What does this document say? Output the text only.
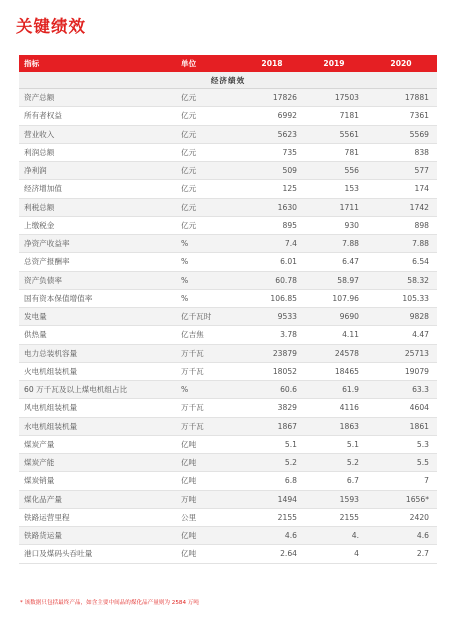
关键绩效
指标	单位	2018	2019	2020
经济绩效
资产总额	亿元	17826	17503	17881
所有者权益	亿元	6992	7181	7361
营业收入	亿元	5623	5561	5569
利润总额	亿元	735	781	838
净利润	亿元	509	556	577
经济增加值	亿元	125	153	174
利税总额	亿元	1630	1711	1742
上缴税金	亿元	895	930	898
净资产收益率	%	7.4	7.88	7.88
总资产报酬率	%	6.01	6.47	6.54
资产负债率	%	60.78	58.97	58.32
国有资本保值增值率	%	106.85	107.96	105.33
发电量	亿千瓦时	9533	9690	9828
供热量	亿吉焦	3.78	4.11	4.47
电力总装机容量	万千瓦	23879	24578	25713
火电机组装机量	万千瓦	18052	18465	19079
60 万千瓦及以上煤电机组占比	%	60.6	61.9	63.3
风电机组装机量	万千瓦	3829	4116	4604
水电机组装机量	万千瓦	1867	1863	1861
煤炭产量	亿吨	5.1	5.1	5.3
煤炭产能	亿吨	5.2	5.2	5.5
煤炭销量	亿吨	6.8	6.7	7
煤化品产量	万吨	1494	1593	1656*
铁路运营里程	公里	2155	2155	2420
铁路货运量	亿吨	4.6	4.	4.6
港口及煤码头吞吐量	亿吨	2.64	4	2.7
* 该数据只包括最终产品，如含主要中间品的煤化品产量则为 2584 万吨
